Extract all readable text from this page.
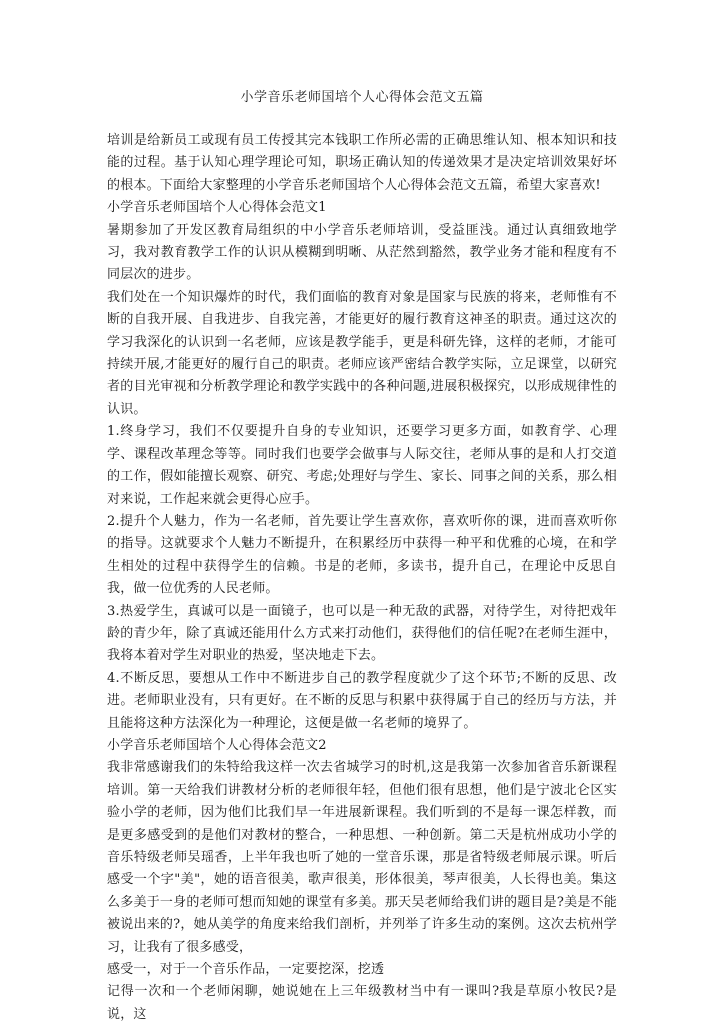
小学音乐老师国培个人心得体会范文五篇

培训是给新员工或现有员工传授其完本钱职工作所必需的正确思维认知、根本知识和技能的过程。基于认知心理学理论可知，职场正确认知的传递效果才是决定培训效果好坏的根本。下面给大家整理的小学音乐老师国培个人心得体会范文五篇，希望大家喜欢!

小学音乐老师国培个人心得体会范文1

暑期参加了开发区教育局组织的中小学音乐老师培训，受益匪浅。通过认真细致地学习，我对教育教学工作的认识从模糊到明晰、从茫然到豁然，教学业务才能和程度有不同层次的进步。

我们处在一个知识爆炸的时代，我们面临的教育对象是国家与民族的将来，老师惟有不断的自我开展、自我进步、自我完善，才能更好的履行教育这神圣的职责。通过这次的学习我深化的认识到一名老师，应该是教学能手，更是科研先锋，这样的老师，才能可持续开展,才能更好的履行自己的职责。老师应该严密结合教学实际，立足课堂，以研究者的目光审视和分析教学理论和教学实践中的各种问题,进展积极探究，以形成规律性的认识。

1.终身学习，我们不仅要提升自身的专业知识，还要学习更多方面，如教育学、心理学、课程改革理念等等。同时我们也要学会做事与人际交往，老师从事的是和人打交道的工作，假如能擅长观察、研究、考虑;处理好与学生、家长、同事之间的关系，那么相对来说，工作起来就会更得心应手。

2.提升个人魅力，作为一名老师，首先要让学生喜欢你，喜欢听你的课，进而喜欢听你的指导。这就要求个人魅力不断提升，在积累经历中获得一种平和优雅的心境，在和学生相处的过程中获得学生的信赖。书是的老师，多读书，提升自己，在理论中反思自我，做一位优秀的人民老师。

3.热爱学生，真诚可以是一面镜子，也可以是一种无敌的武器，对待学生，对待把戏年龄的青少年，除了真诚还能用什么方式来打动他们，获得他们的信任呢?在老师生涯中，我将本着对学生对职业的热爱，坚决地走下去。

4.不断反思，要想从工作中不断进步自己的教学程度就少了这个环节;不断的反思、改进。老师职业没有，只有更好。在不断的反思与积累中获得属于自己的经历与方法，并且能将这种方法深化为一种理论，这便是做一名老师的境界了。

小学音乐老师国培个人心得体会范文2

我非常感谢我们的朱特给我这样一次去省城学习的时机,这是我第一次参加省音乐新课程培训。第一天给我们讲教材分析的老师很年轻，但他们很有思想，他们是宁波北仑区实验小学的老师，因为他们比我们早一年进展新课程。我们听到的不是每一课怎样教，而是更多感受到的是他们对教材的整合，一种思想、一种创新。第二天是杭州成功小学的音乐特级老师吴瑶香，上半年我也听了她的一堂音乐课，那是省特级老师展示课。听后感受一个字"美"，她的语音很美，歌声很美，形体很美，琴声很美，人长得也美。集这么多美于一身的老师可想而知她的课堂有多美。那天吴老师给我们讲的题目是?美是不能被说出来的?，她从美学的角度来给我们剖析，并列举了许多生动的案例。这次去杭州学习，让我有了很多感受，

感受一，对于一个音乐作品，一定要挖深，挖透

记得一次和一个老师闲聊，她说她在上三年级教材当中有一课叫?我是草原小牧民?是说，这
